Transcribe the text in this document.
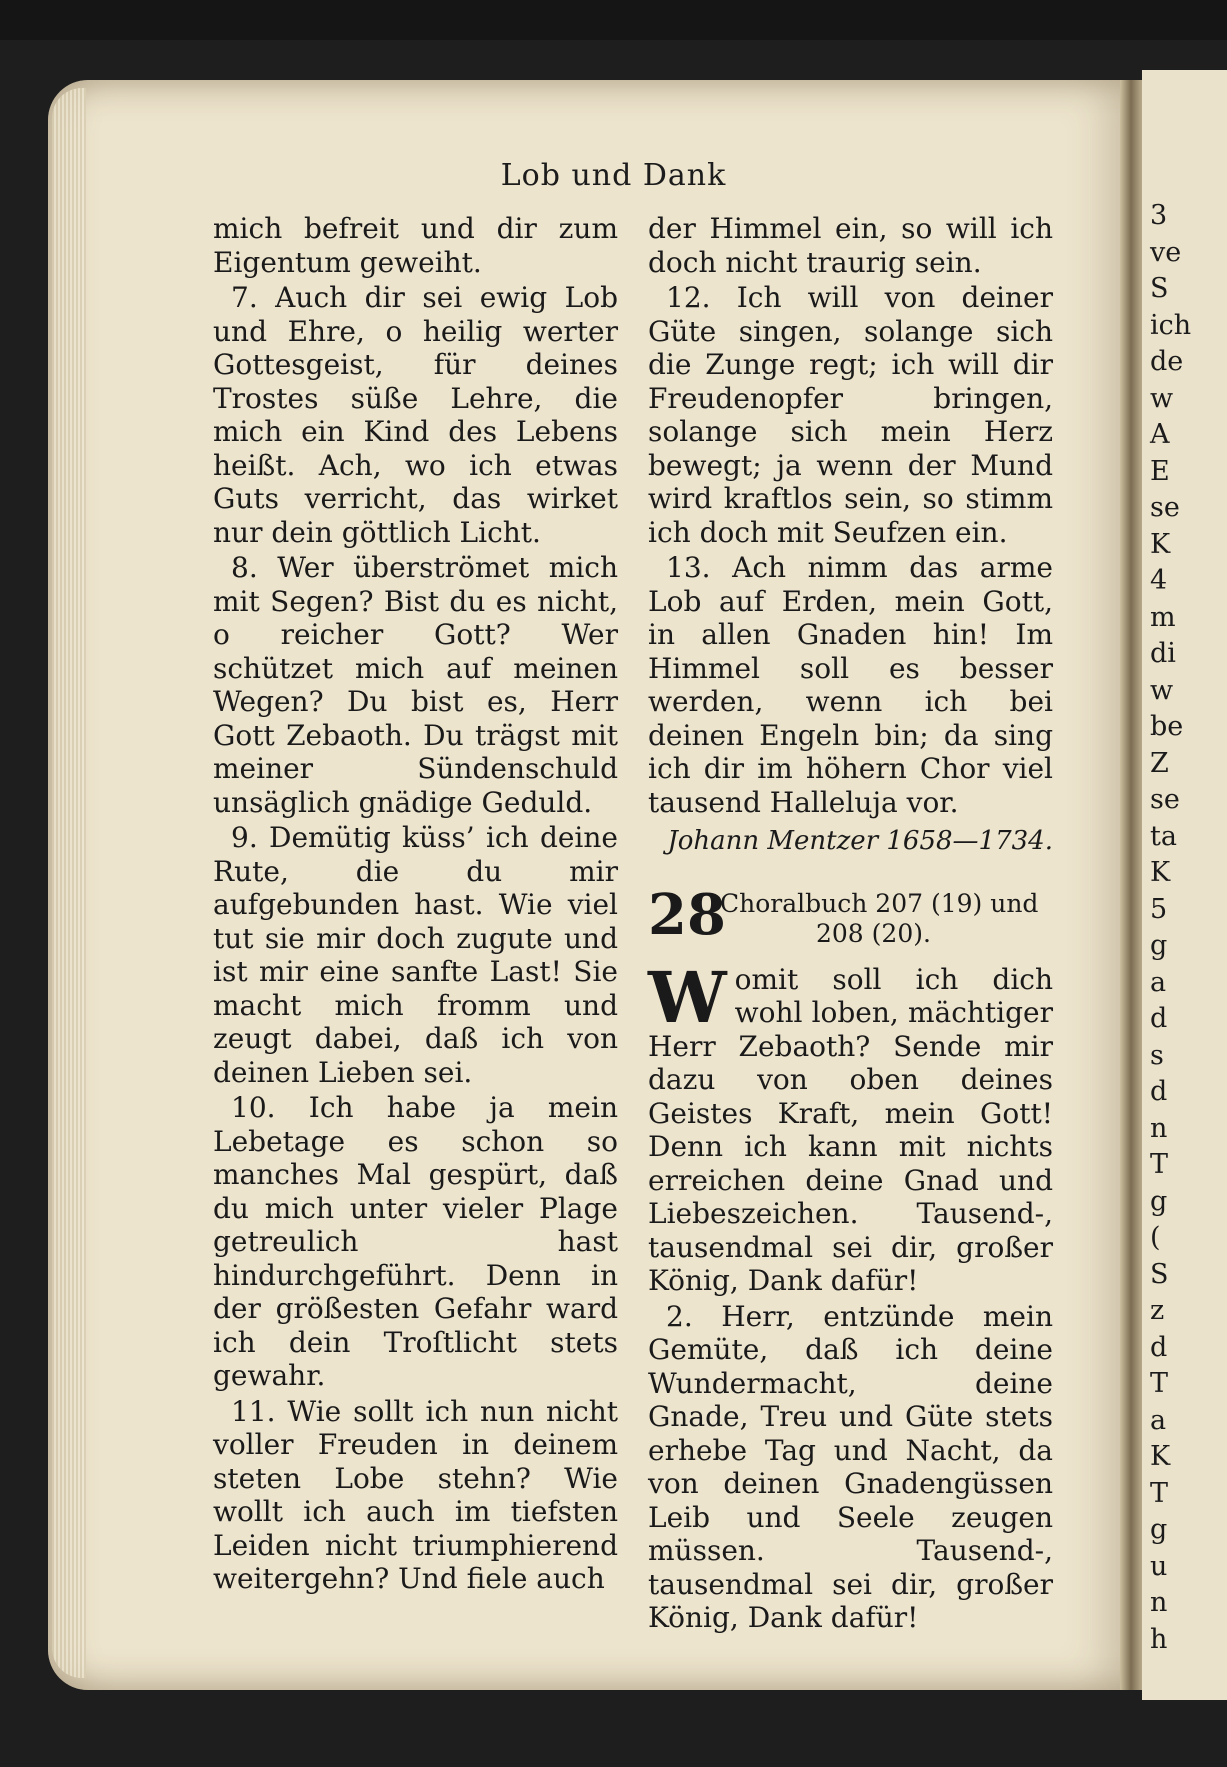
3
ve
S
ich
de
w
A
E
se
K
4
m
di
w
be
Z
se
ta
K
5
g
a
d
s
d
n
T
g
(
S
z
d
T
a
K
T
g
u
n
h
Lob und Dank

mich befreit und dir zum Eigentum geweiht.

7. Auch dir sei ewig Lob und Ehre, o heilig werter Gottesgeist, für deines Trostes süße Lehre, die mich ein Kind des Lebens heißt. Ach, wo ich etwas Guts verricht, das wirket nur dein göttlich Licht.

8. Wer überströmet mich mit Segen? Bist du es nicht, o reicher Gott? Wer schützet mich auf meinen Wegen? Du bist es, Herr Gott Zebaoth. Du trägst mit meiner Sündenschuld unsäglich gnädige Geduld.

9. Demütig küss’ ich deine Rute, die du mir aufgebunden hast. Wie viel tut sie mir doch zugute und ist mir eine sanfte Last! Sie macht mich fromm und zeugt dabei, daß ich von deinen Lieben sei.

10. Ich habe ja mein Lebetage es schon so manches Mal gespürt, daß du mich unter vieler Plage getreulich hast hindurchgeführt. Denn in der größesten Gefahr ward ich dein Troſtlicht stets gewahr.

11. Wie sollt ich nun nicht voller Freuden in deinem steten Lobe stehn? Wie wollt ich auch im tiefsten Leiden nicht triumphierend weitergehn? Und fiele auch

der Himmel ein, so will ich doch nicht traurig sein.

12. Ich will von deiner Güte singen, solange sich die Zunge regt; ich will dir Freudenopfer bringen, solange sich mein Herz bewegt; ja wenn der Mund wird kraftlos sein, so stimm ich doch mit Seufzen ein.

13. Ach nimm das arme Lob auf Erden, mein Gott, in allen Gnaden hin! Im Himmel soll es besser werden, wenn ich bei deinen Engeln bin; da sing ich dir im höhern Chor viel tausend Halleluja vor.

Johann Mentzer 1658—1734.
28
Choralbuch 207 (19) und
208 (20).

Womit soll ich dich wohl loben, mächtiger Herr Zebaoth? Sende mir dazu von oben deines Geistes Kraft, mein Gott! Denn ich kann mit nichts erreichen deine Gnad und Liebeszeichen. Tausend-, tausendmal sei dir, großer König, Dank dafür!

2. Herr, entzünde mein Gemüte, daß ich deine Wundermacht, deine Gnade, Treu und Güte stets erhebe Tag und Nacht, da von deinen Gnadengüssen Leib und Seele zeugen müssen. Tausend-, tausendmal sei dir, großer König, Dank dafür!
